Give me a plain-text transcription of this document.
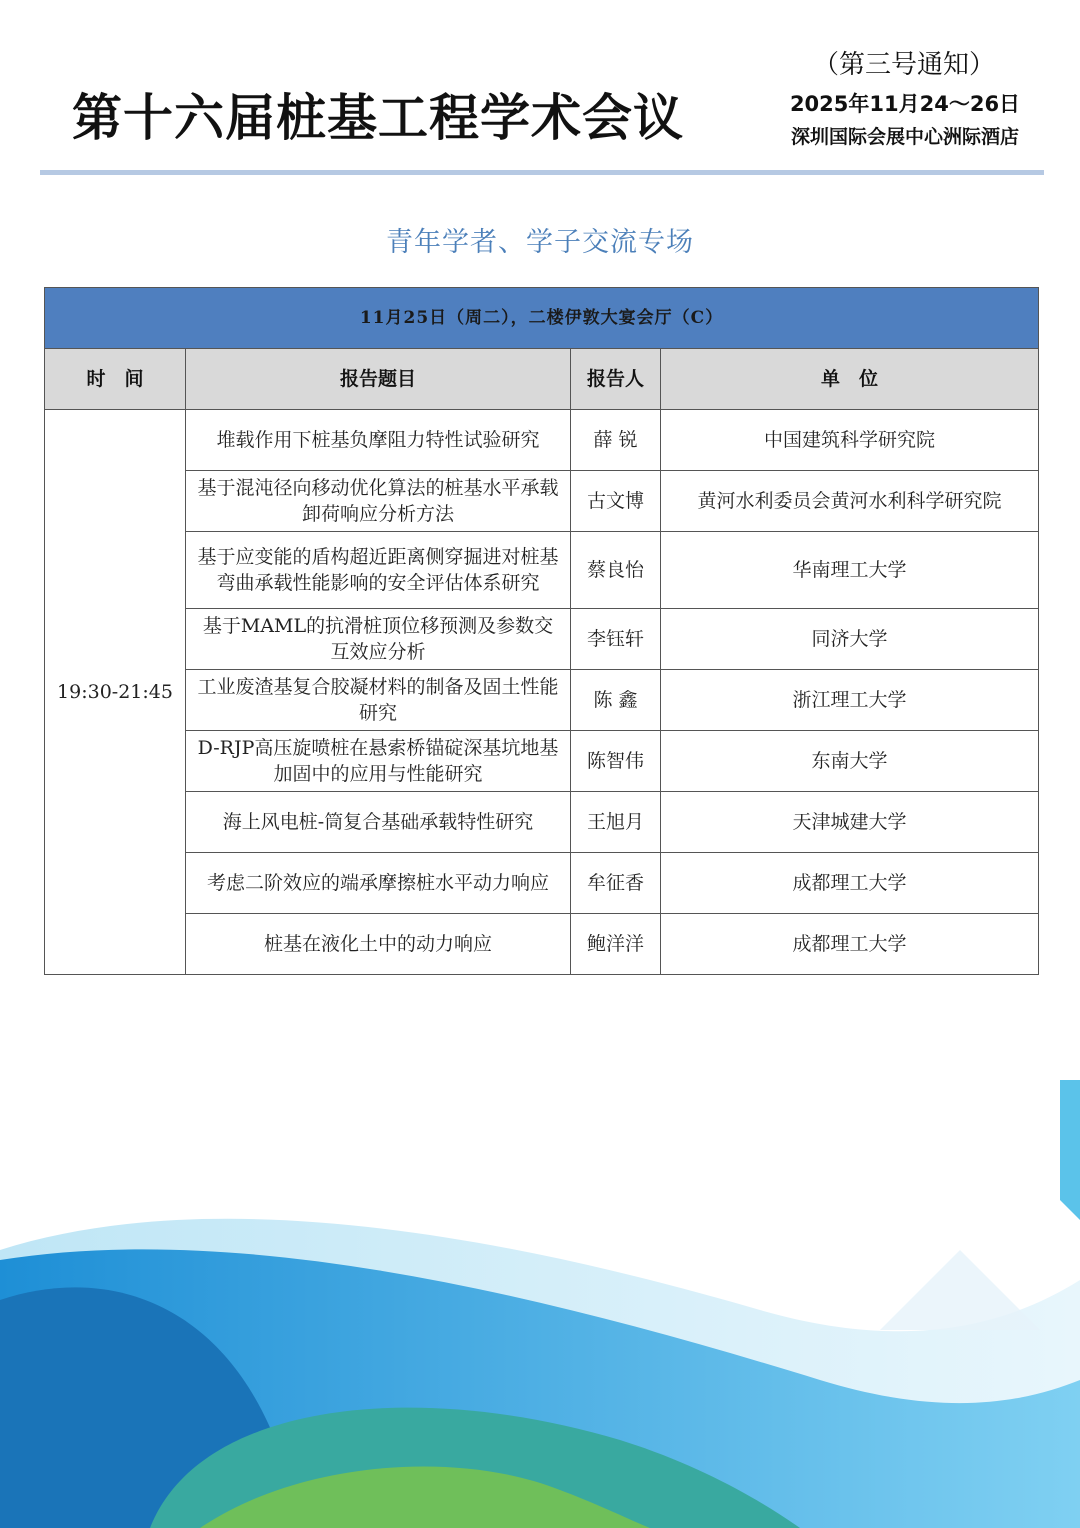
第十六届桩基工程学术会议
（第三号通知）
2025年11月24～26日
深圳国际会展中心洲际酒店
青年学者、学子交流专场
11月25日（周二），二楼伊敦大宴会厅（C）			
时　间	报告题目	报告人	单　位
19:30-21:45	堆载作用下桩基负摩阻力特性试验研究	薛 锐	中国建筑科学研究院
	基于混沌径向移动优化算法的桩基水平承载卸荷响应分析方法	古文博	黄河水利委员会黄河水利科学研究院
	基于应变能的盾构超近距离侧穿掘进对桩基弯曲承载性能影响的安全评估体系研究	蔡良怡	华南理工大学
	基于MAML的抗滑桩顶位移预测及参数交互效应分析	李钰轩	同济大学
	工业废渣基复合胶凝材料的制备及固土性能研究	陈 鑫	浙江理工大学
	D-RJP高压旋喷桩在悬索桥锚碇深基坑地基加固中的应用与性能研究	陈智伟	东南大学
	海上风电桩-筒复合基础承载特性研究	王旭月	天津城建大学
	考虑二阶效应的端承摩擦桩水平动力响应	牟征香	成都理工大学
	桩基在液化土中的动力响应	鲍洋洋	成都理工大学
